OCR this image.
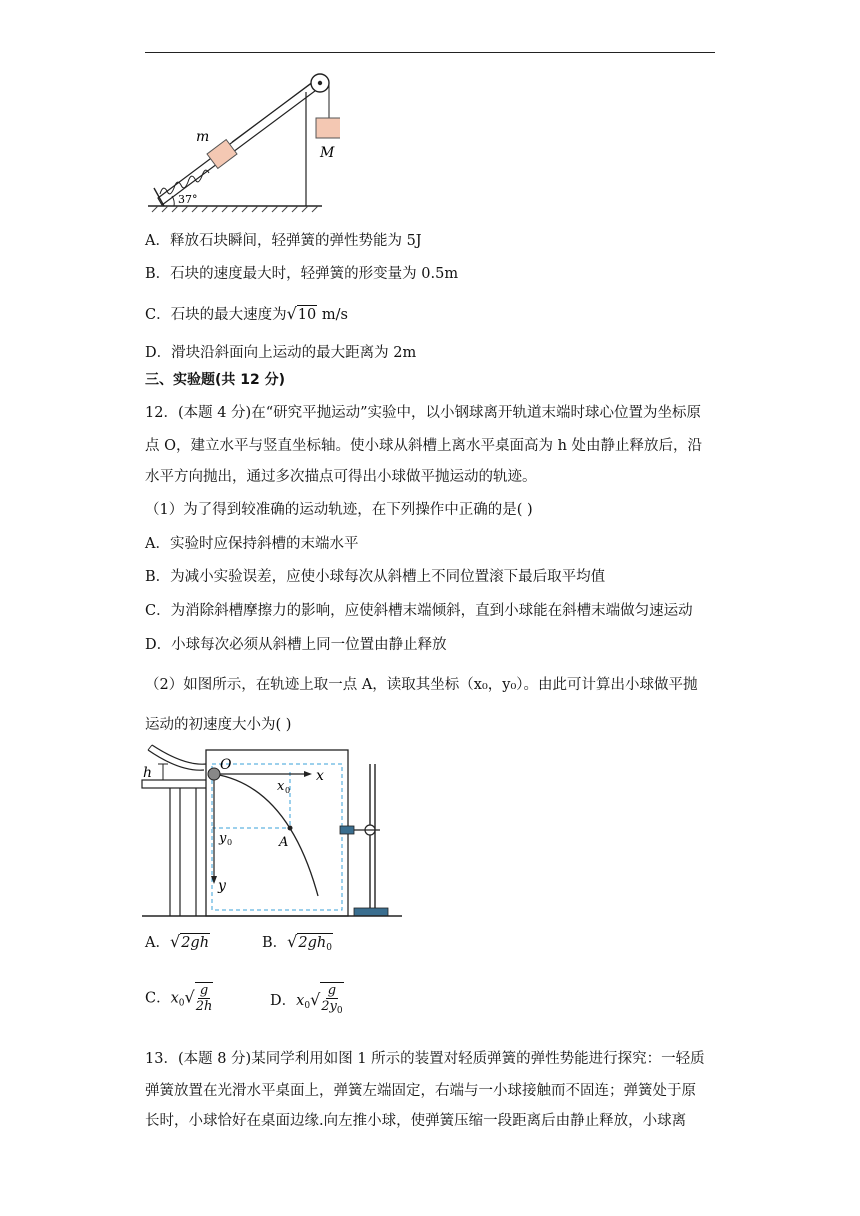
m
M
37°
A．释放石块瞬间，轻弹簧的弹性势能为 5J
B．石块的速度最大时，轻弹簧的形变量为 0.5m
C．石块的最大速度为√10 m/s
D．滑块沿斜面向上运动的最大距离为 2m
三、实验题(共 12 分)
12．(本题 4 分)在“研究平抛运动”实验中，以小钢球离开轨道末端时球心位置为坐标原
点 O，建立水平与竖直坐标轴。使小球从斜槽上离水平桌面高为 h 处由静止释放后，沿
水平方向抛出，通过多次描点可得出小球做平抛运动的轨迹。
（1）为了得到较准确的运动轨迹，在下列操作中正确的是( )
A．实验时应保持斜槽的末端水平
B．为减小实验误差，应使小球每次从斜槽上不同位置滚下最后取平均值
C．为消除斜槽摩擦力的影响，应使斜槽末端倾斜，直到小球能在斜槽末端做匀速运动
D．小球每次必须从斜槽上同一位置由静止释放
（2）如图所示，在轨迹上取一点 A，读取其坐标（x₀，y₀）。由此可计算出小球做平抛
运动的初速度大小为( )
h	O
x
x 0
y 0	A
y
A．√2gh	B．$√2gh_0$
C．$x_0√ \frac{g}{2h}$	D．$x_0√ \frac{g}{2y_0}$
13．(本题 8 分)某同学利用如图 1 所示的装置对轻质弹簧的弹性势能进行探究：一轻质
弹簧放置在光滑水平桌面上，弹簧左端固定，右端与一小球接触而不固连；弹簧处于原
长时，小球恰好在桌面边缘.向左推小球，使弹簧压缩一段距离后由静止释放，小球离
